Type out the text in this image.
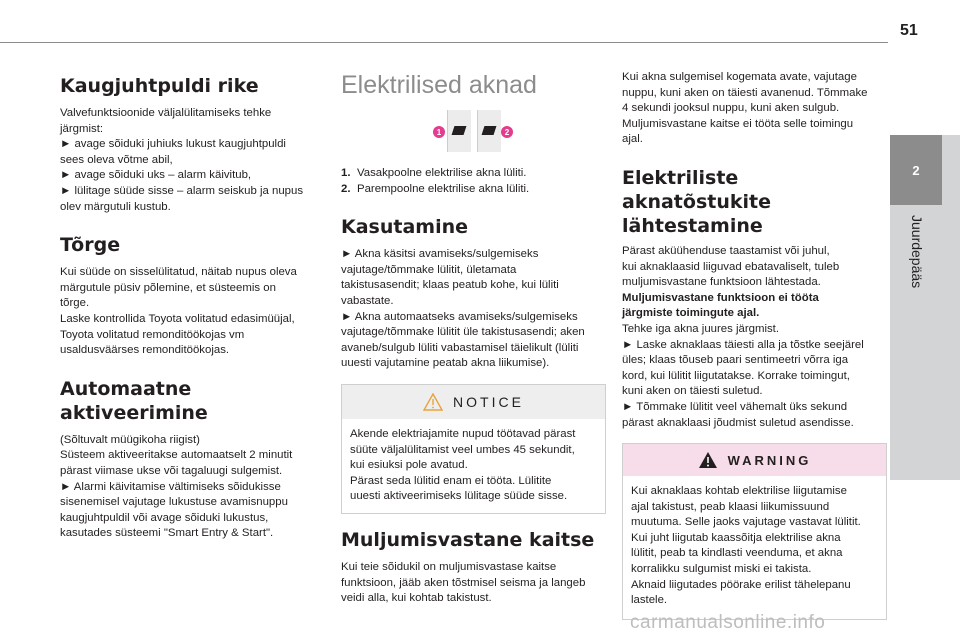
51
2
Juurdepääs
Kaugjuhtpuldi rike

Valvefunktsioonide väljalülitamiseks tehke

järgmist:

► avage sõiduki juhiuks lukust kaugjuhtpuldi

sees oleva võtme abil,

► avage sõiduki uks – alarm käivitub,

► lülitage süüde sisse – alarm seiskub ja nupus

olev märgutuli kustub.

Tõrge

Kui süüde on sisselülitatud, näitab nupus oleva

märgutule püsiv põlemine, et süsteemis on

tõrge.

Laske kontrollida Toyota volitatud edasimüüjal,

Toyota volitatud remonditöökojas vm

usaldusväärses remonditöökojas.

Automaatne aktiveerimine

(Sõltuvalt müügikoha riigist)

Süsteem aktiveeritakse automaatselt 2 minutit

pärast viimase ukse või tagaluugi sulgemist.

► Alarmi käivitamise vältimiseks sõidukisse

sisenemisel vajutage lukustuse avamisnuppu

kaugjuhtpuldil või avage sõiduki lukustus,

kasutades süsteemi "Smart Entry & Start".

Elektrilised aknad
1	2
1. Vasakpoolne elektrilise akna lüliti.
2. Parempoolne elektrilise akna lüliti.
Kasutamine

► Akna käsitsi avamiseks/sulgemiseks

vajutage/tõmmake lülitit, ületamata

takistusasendit; klaas peatub kohe, kui lüliti

vabastate.

► Akna automaatseks avamiseks/sulgemiseks

vajutage/tõmmake lülitit üle takistusasendi; aken

avaneb/sulgub lüliti vabastamisel täielikult (lüliti

uuesti vajutamine peatab akna liikumise).

NOTICE

Akende elektriajamite nupud töötavad pärast

süüte väljalülitamist veel umbes 45 sekundit,

kui esiuksi pole avatud.

Pärast seda lülitid enam ei tööta. Lülitite

uuesti aktiveerimiseks lülitage süüde sisse.

Muljumisvastane kaitse

Kui teie sõidukil on muljumisvastase kaitse

funktsioon, jääb aken tõstmisel seisma ja langeb

veidi alla, kui kohtab takistust.

Kui akna sulgemisel kogemata avate, vajutage

nuppu, kuni aken on täiesti avanenud. Tõmmake

4 sekundi jooksul nuppu, kuni aken sulgub.

Muljumisvastane kaitse ei tööta selle toimingu

ajal.

Elektriliste aknatõstukite
lähtestamine

Pärast aküühenduse taastamist või juhul,

kui aknaklaasid liiguvad ebatavaliselt, tuleb

muljumisvastane funktsioon lähtestada.

Muljumisvastane funktsioon ei tööta

järgmiste toimingute ajal.

Tehke iga akna juures järgmist.

► Laske aknaklaas täiesti alla ja tõstke seejärel

üles; klaas tõuseb paari sentimeetri võrra iga

kord, kui lülitit liigutatakse. Korrake toimingut,

kuni aken on täiesti suletud.

► Tõmmake lülitit veel vähemalt üks sekund

pärast aknaklaasi jõudmist suletud asendisse.

WARNING

Kui aknaklaas kohtab elektrilise liigutamise

ajal takistust, peab klaasi liikumissuund

muutuma. Selle jaoks vajutage vastavat lülitit.

Kui juht liigutab kaassõitja elektrilise akna

lülitit, peab ta kindlasti veenduma, et akna

korralikku sulgumist miski ei takista.

Aknaid liigutades pöörake erilist tähelepanu

lastele.

carmanualsonline.info
